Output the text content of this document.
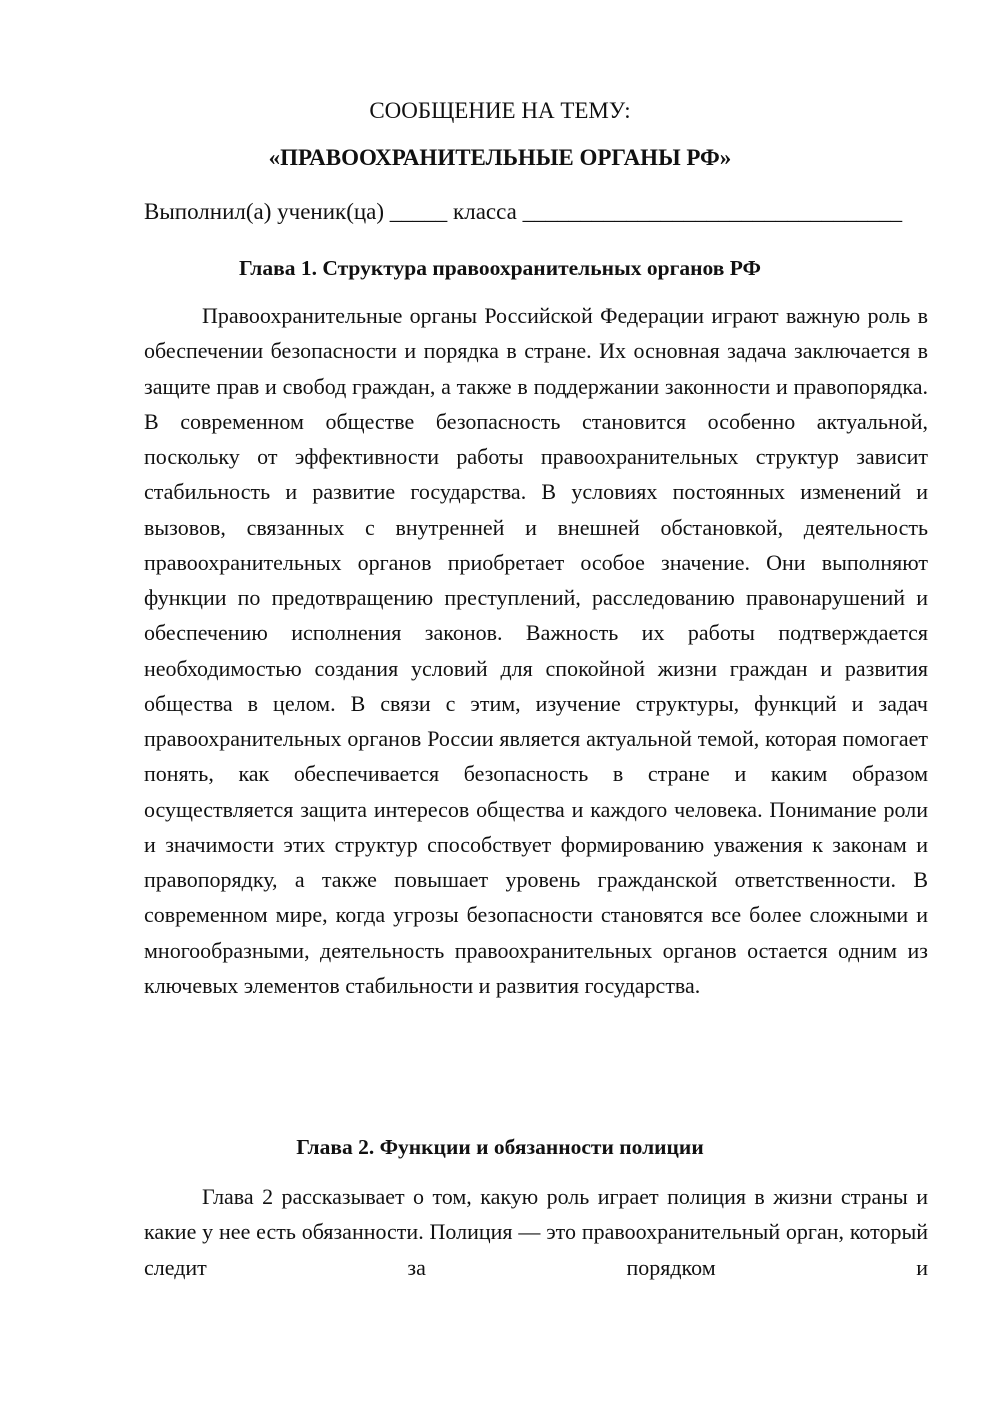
СООБЩЕНИЕ НА ТЕМУ:
«ПРАВООХРАНИТЕЛЬНЫЕ ОРГАНЫ РФ»
Выполнил(а) ученик(ца) _____ класса _________________________________
Глава 1. Структура правоохранительных органов РФ

Правоохранительные органы Российской Федерации играют важную роль в обеспечении безопасности и порядка в стране. Их основная задача заключается в защите прав и свобод граждан, а также в поддержании законности и правопорядка. В современном обществе безопасность становится особенно актуальной, поскольку от эффективности работы правоохранительных структур зависит стабильность и развитие государства. В условиях постоянных изменений и вызовов, связанных с внутренней и внешней обстановкой, деятельность правоохранительных органов приобретает особое значение. Они выполняют функции по предотвращению преступлений, расследованию правонарушений и обеспечению исполнения законов. Важность их работы подтверждается необходимостью создания условий для спокойной жизни граждан и развития общества в целом. В связи с этим, изучение структуры, функций и задач правоохранительных органов России является актуальной темой, которая помогает понять, как обеспечивается безопасность в стране и каким образом осуществляется защита интересов общества и каждого человека. Понимание роли и значимости этих структур способствует формированию уважения к законам и правопорядку, а также повышает уровень гражданской ответственности. В современном мире, когда угрозы безопасности становятся все более сложными и многообразными, деятельность правоохранительных органов остается одним из ключевых элементов стабильности и развития государства.

Глава 2. Функции и обязанности полиции

Глава 2 рассказывает о том, какую роль играет полиция в жизни страны и какие у нее есть обязанности. Полиция — это правоохранительный орган, который следит за порядком и
